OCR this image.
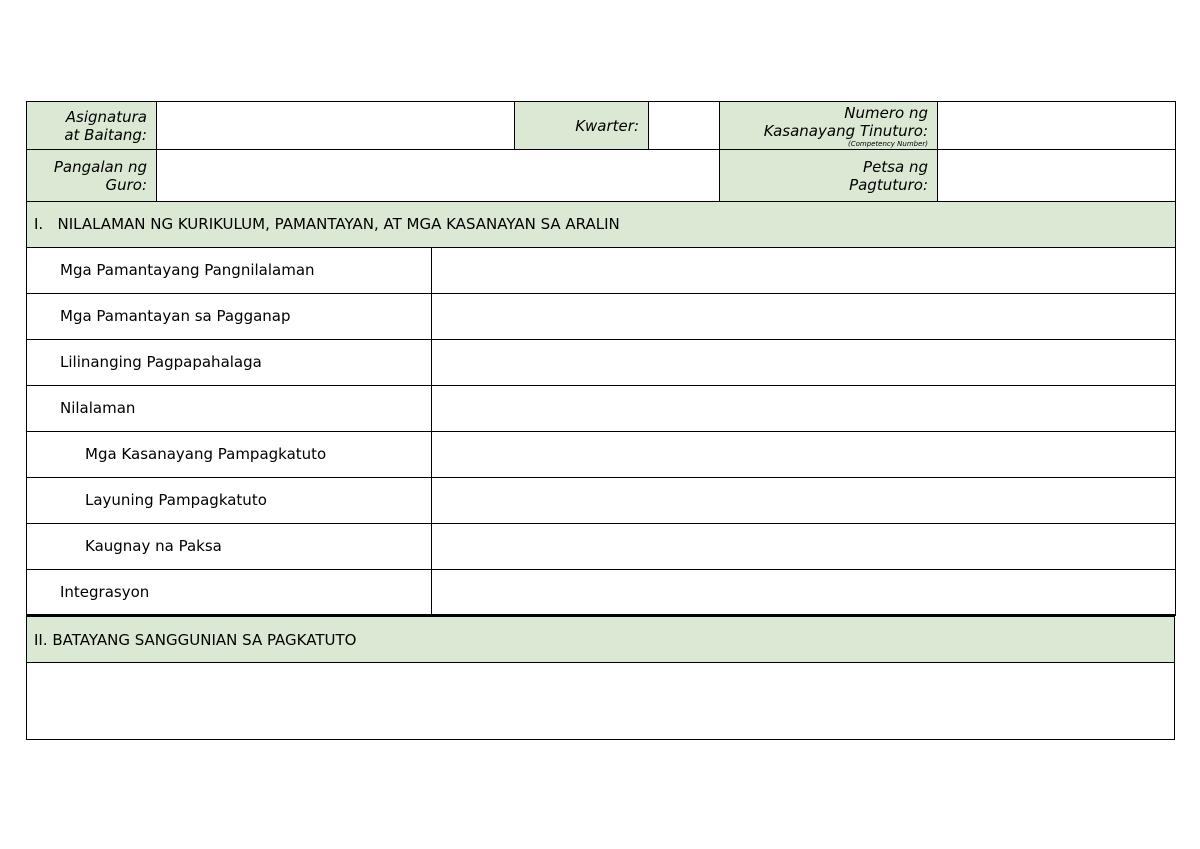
Asignatura
at Baitang:		Kwarter:		Numero ng
Kasanayang Tinuturo:
(Competency Number)	

Pangalan ng
Guro:				Petsa ng
Pagtuturo:	
I.   NILALAMAN NG KURIKULUM, PAMANTAYAN, AT MGA KASANAYAN SA ARALIN	
Mga Pamantayang Pangnilalaman	
Mga Pamantayan sa Pagganap	
Lilinanging Pagpapahalaga	
Nilalaman	
Mga Kasanayang Pampagkatuto	
Layuning Pampagkatuto	
Kaugnay na Paksa	
Integrasyon	
II. BATAYANG SANGGUNIAN SA PAGKATUTO
